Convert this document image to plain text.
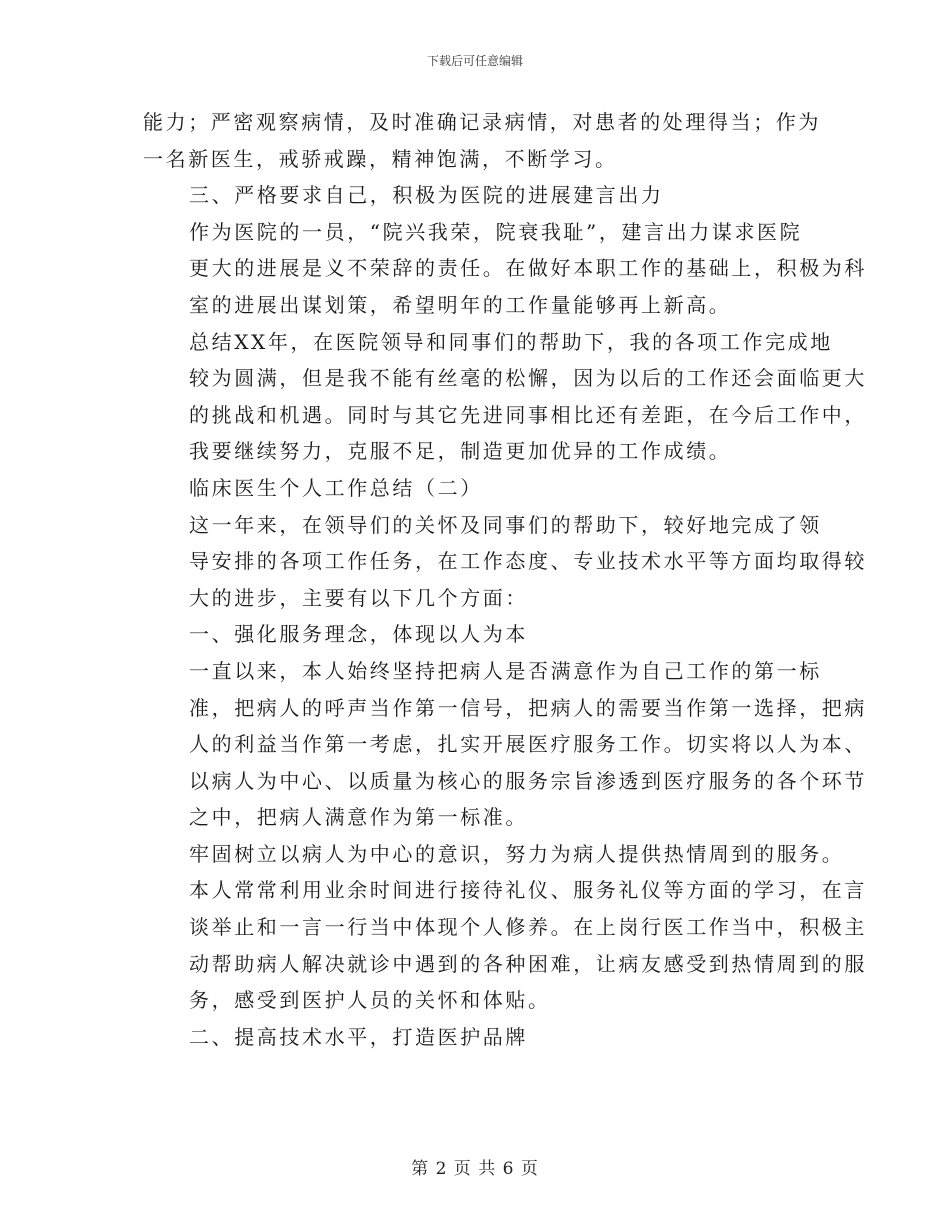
下载后可任意编辑

能力；严密观察病情，及时准确记录病情，对患者的处理得当；作为
一名新医生，戒骄戒躁，精神饱满，不断学习。

三、严格要求自己，积极为医院的进展建言出力

作为医院的一员，“院兴我荣，院衰我耻”，建言出力谋求医院
更大的进展是义不荣辞的责任。在做好本职工作的基础上，积极为科
室的进展出谋划策，希望明年的工作量能够再上新高。

总结XX年，在医院领导和同事们的帮助下，我的各项工作完成地
较为圆满，但是我不能有丝毫的松懈，因为以后的工作还会面临更大
的挑战和机遇。同时与其它先进同事相比还有差距，在今后工作中，
我要继续努力，克服不足，制造更加优异的工作成绩。

临床医生个人工作总结（二）

这一年来，在领导们的关怀及同事们的帮助下，较好地完成了领
导安排的各项工作任务，在工作态度、专业技术水平等方面均取得较
大的进步，主要有以下几个方面：

一、强化服务理念，体现以人为本

一直以来，本人始终坚持把病人是否满意作为自己工作的第一标
准，把病人的呼声当作第一信号，把病人的需要当作第一选择，把病
人的利益当作第一考虑，扎实开展医疗服务工作。切实将以人为本、
以病人为中心、以质量为核心的服务宗旨渗透到医疗服务的各个环节
之中，把病人满意作为第一标准。

牢固树立以病人为中心的意识，努力为病人提供热情周到的服务。
本人常常利用业余时间进行接待礼仪、服务礼仪等方面的学习，在言
谈举止和一言一行当中体现个人修养。在上岗行医工作当中，积极主
动帮助病人解决就诊中遇到的各种困难，让病友感受到热情周到的服
务，感受到医护人员的关怀和体贴。

二、提高技术水平，打造医护品牌

第 2 页 共 6 页
